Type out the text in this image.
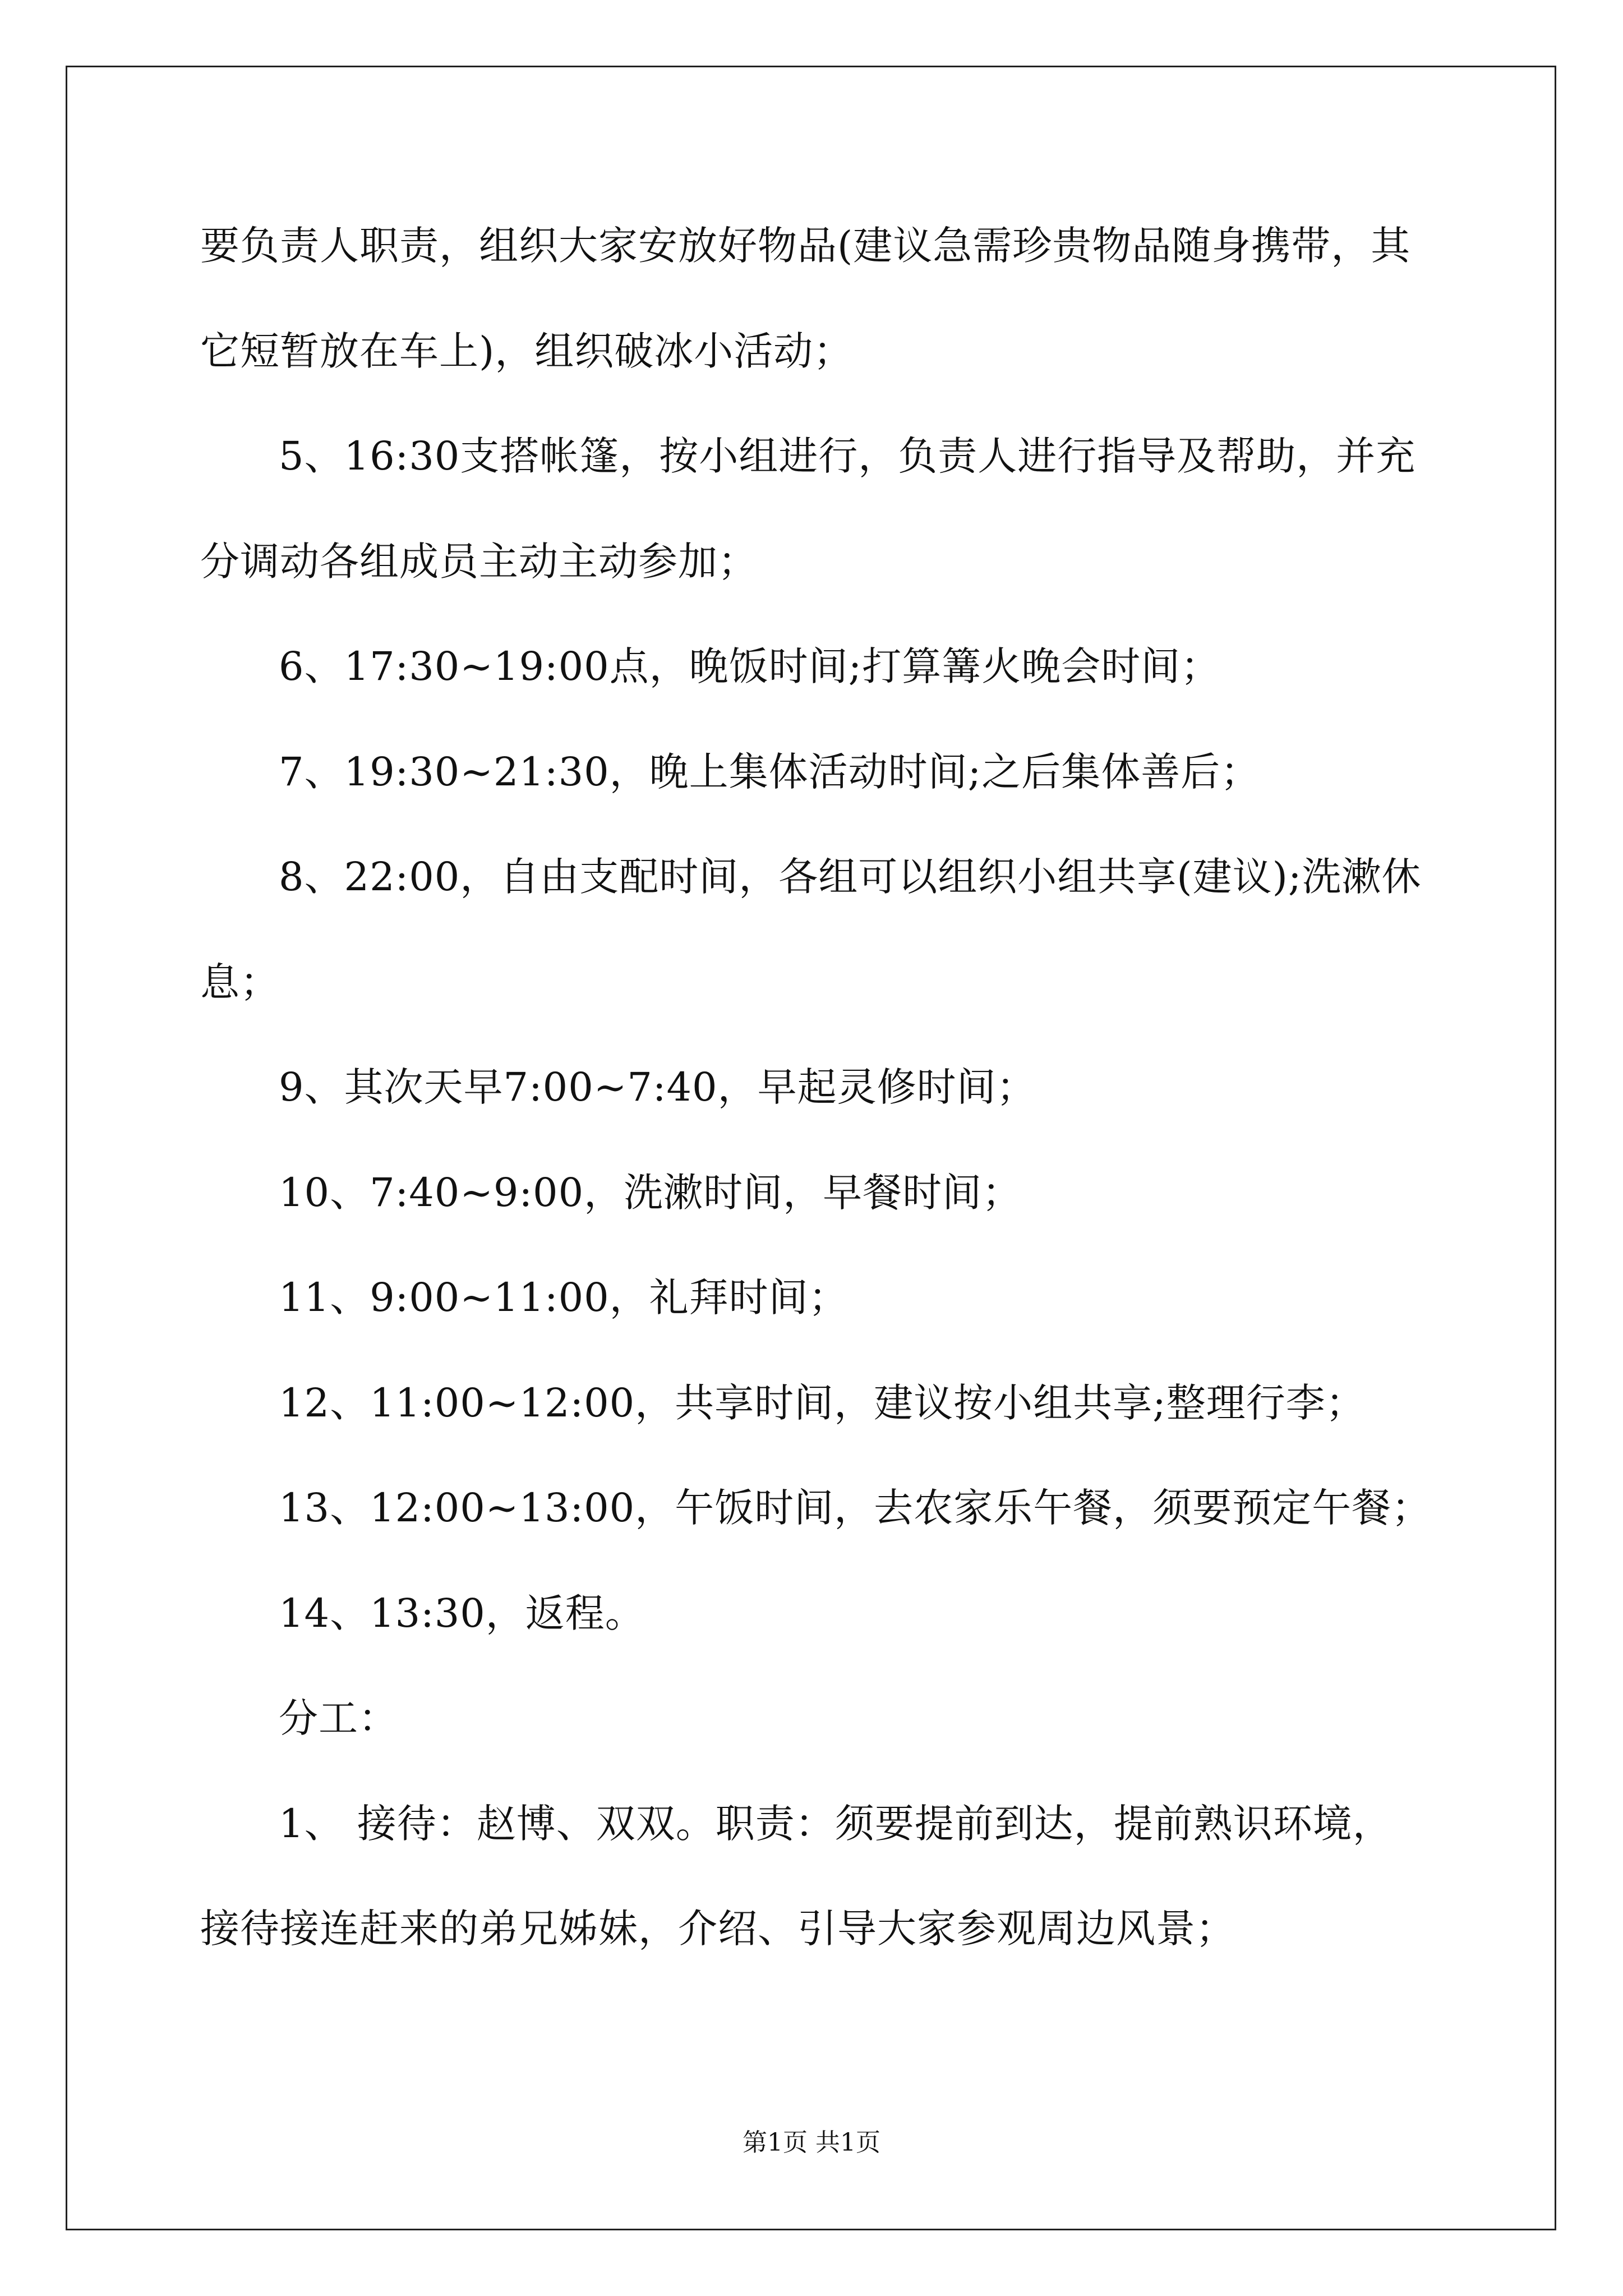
要负责人职责，组织大家安放好物品(建议急需珍贵物品随身携带，其
它短暂放在车上)，组织破冰小活动；
5、16:30支搭帐篷，按小组进行，负责人进行指导及帮助，并充
分调动各组成员主动主动参加；
6、17:30~19:00点，晚饭时间;打算篝火晚会时间；
7、19:30~21:30，晚上集体活动时间;之后集体善后；
8、22:00，自由支配时间，各组可以组织小组共享(建议);洗漱休
息；
9、其次天早7:00~7:40，早起灵修时间；
10、7:40~9:00，洗漱时间，早餐时间；
11、9:00~11:00，礼拜时间；
12、11:00~12:00，共享时间，建议按小组共享;整理行李；
13、12:00~13:00，午饭时间，去农家乐午餐，须要预定午餐；
14、13:30，返程。
分工：
1、 接待：赵博、双双。职责：须要提前到达，提前熟识环境，
接待接连赶来的弟兄姊妹，介绍、引导大家参观周边风景；
第1页 共1页
